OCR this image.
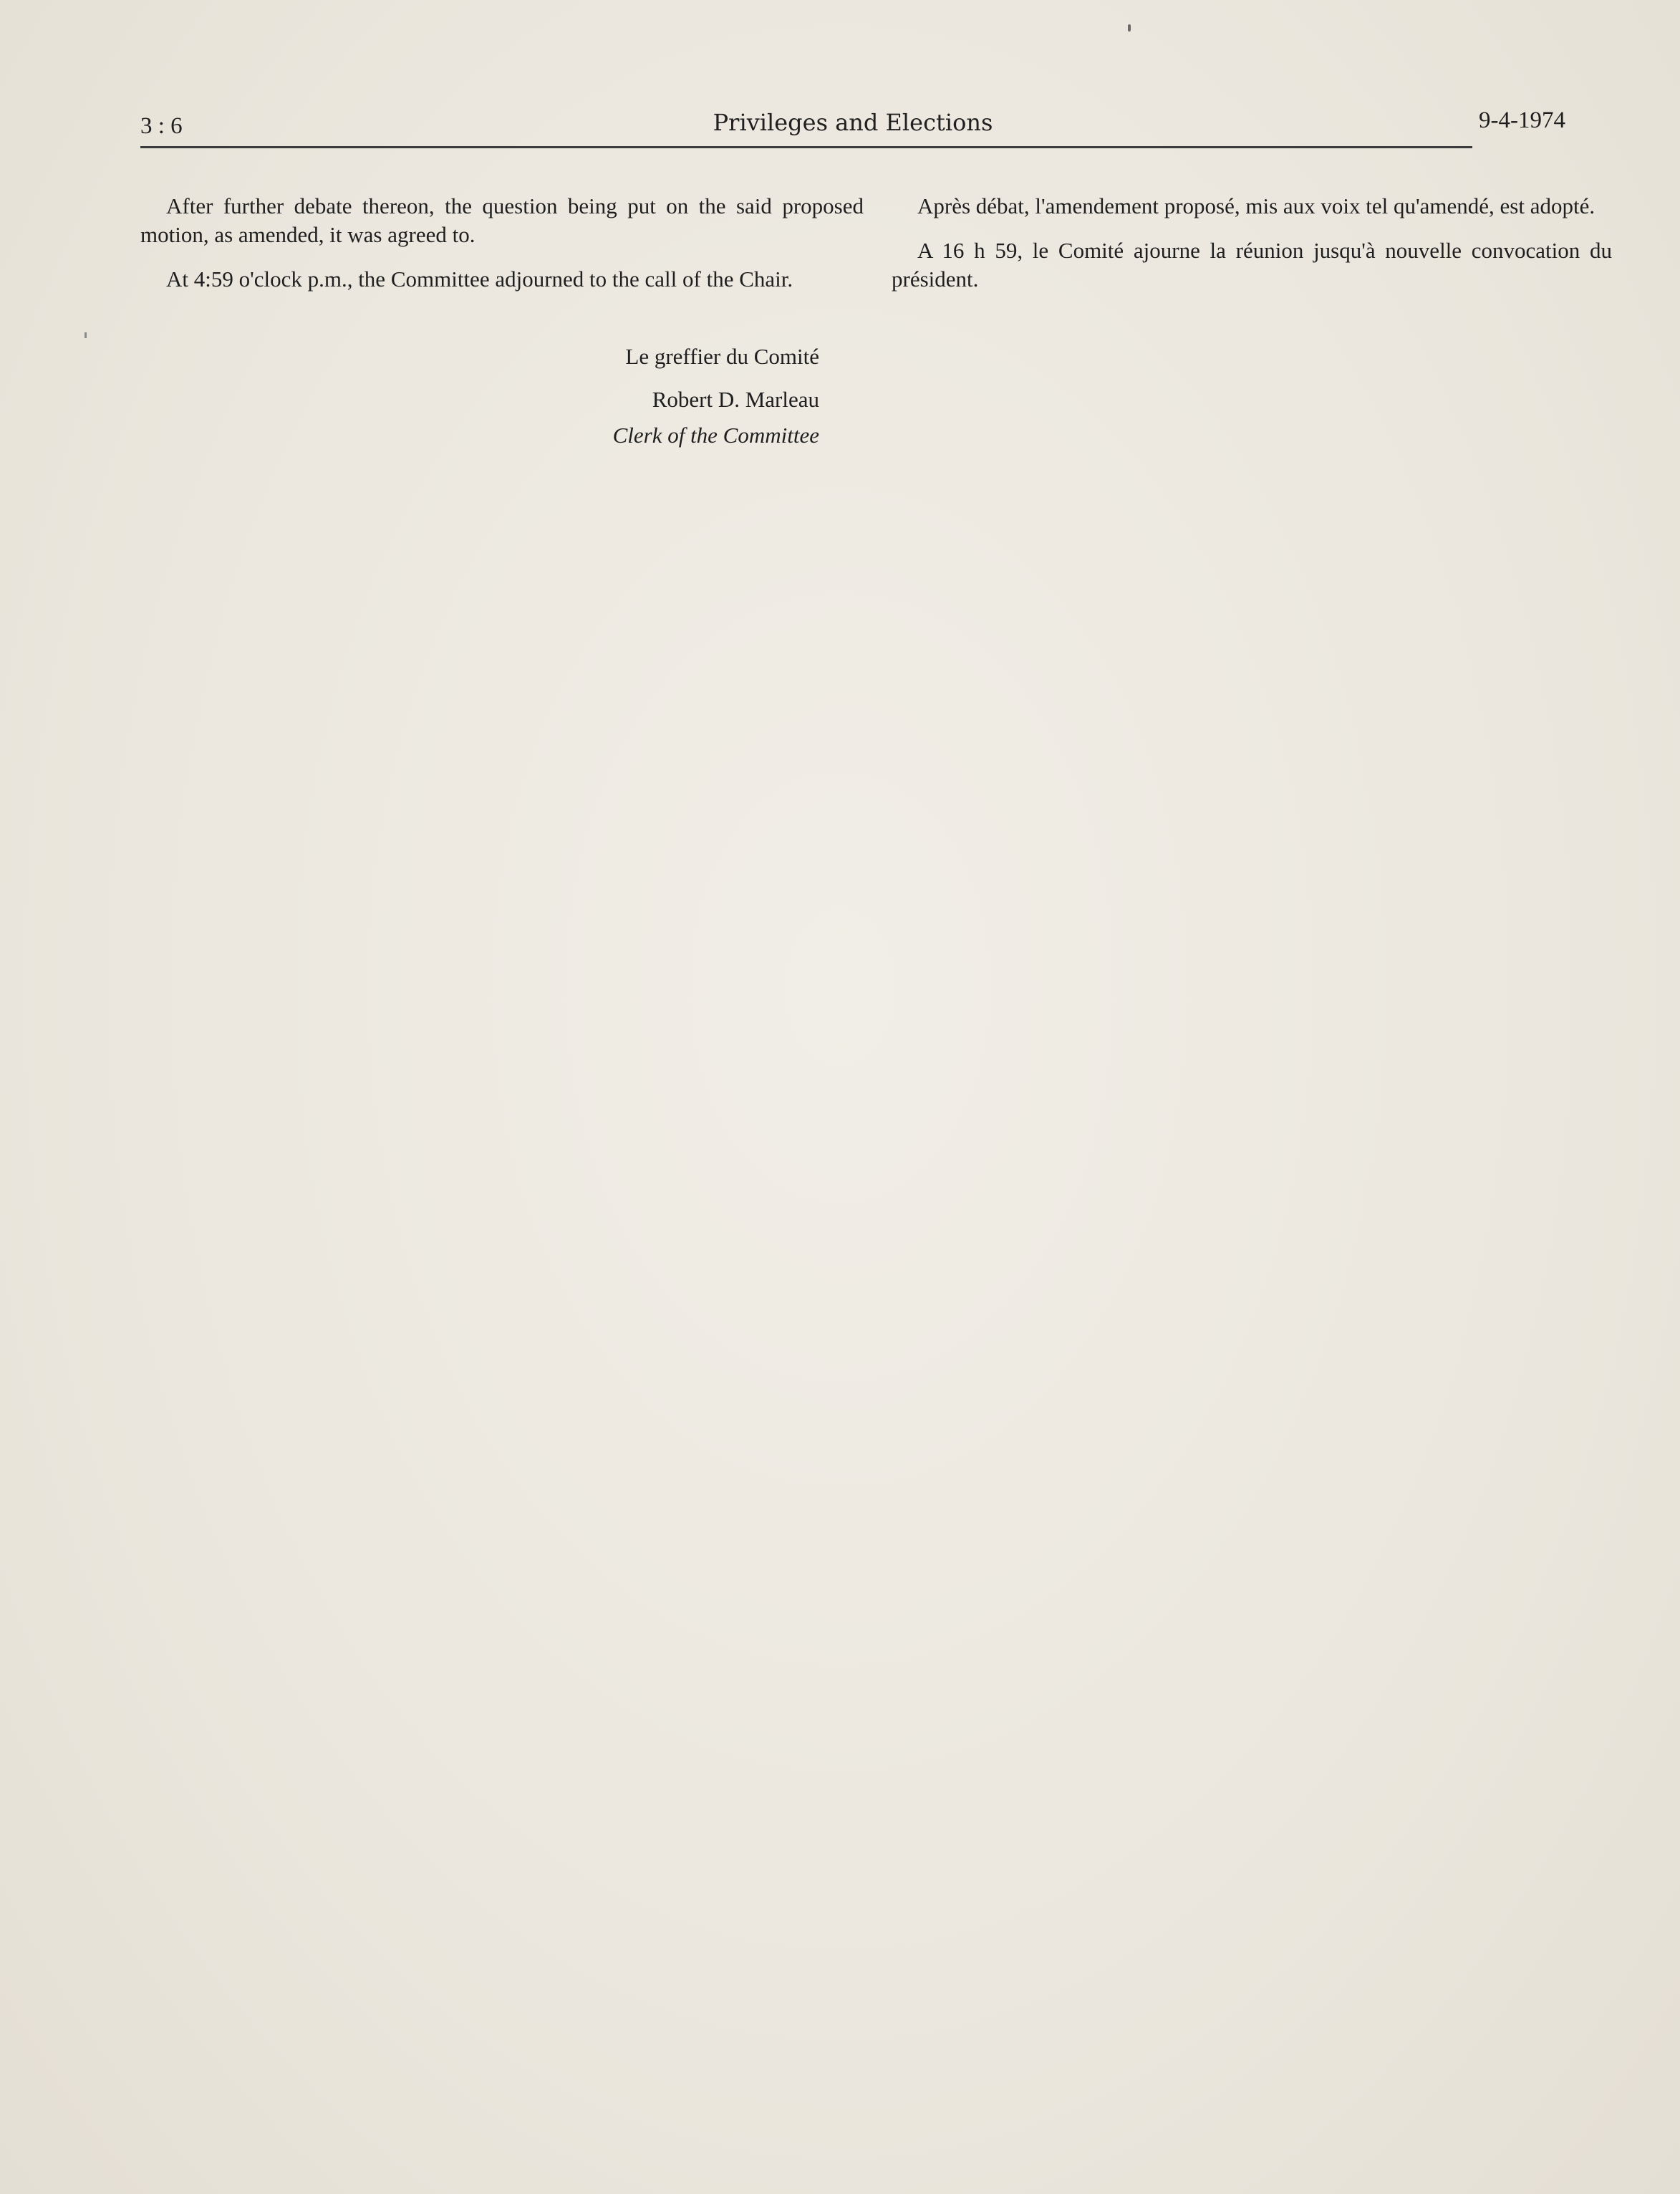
3 : 6	Privileges and Elections	9-4-1974

After further debate thereon, the question being put on the said proposed motion, as amended, it was agreed to.

At 4:59 o'clock p.m., the Committee adjourned to the call of the Chair.

Après débat, l'amendement proposé, mis aux voix tel qu'amendé, est adopté.

A 16 h 59, le Comité ajourne la réunion jusqu'à nouvelle convocation du président.

Le greffier du Comité
Robert D. Marleau
Clerk of the Committee
